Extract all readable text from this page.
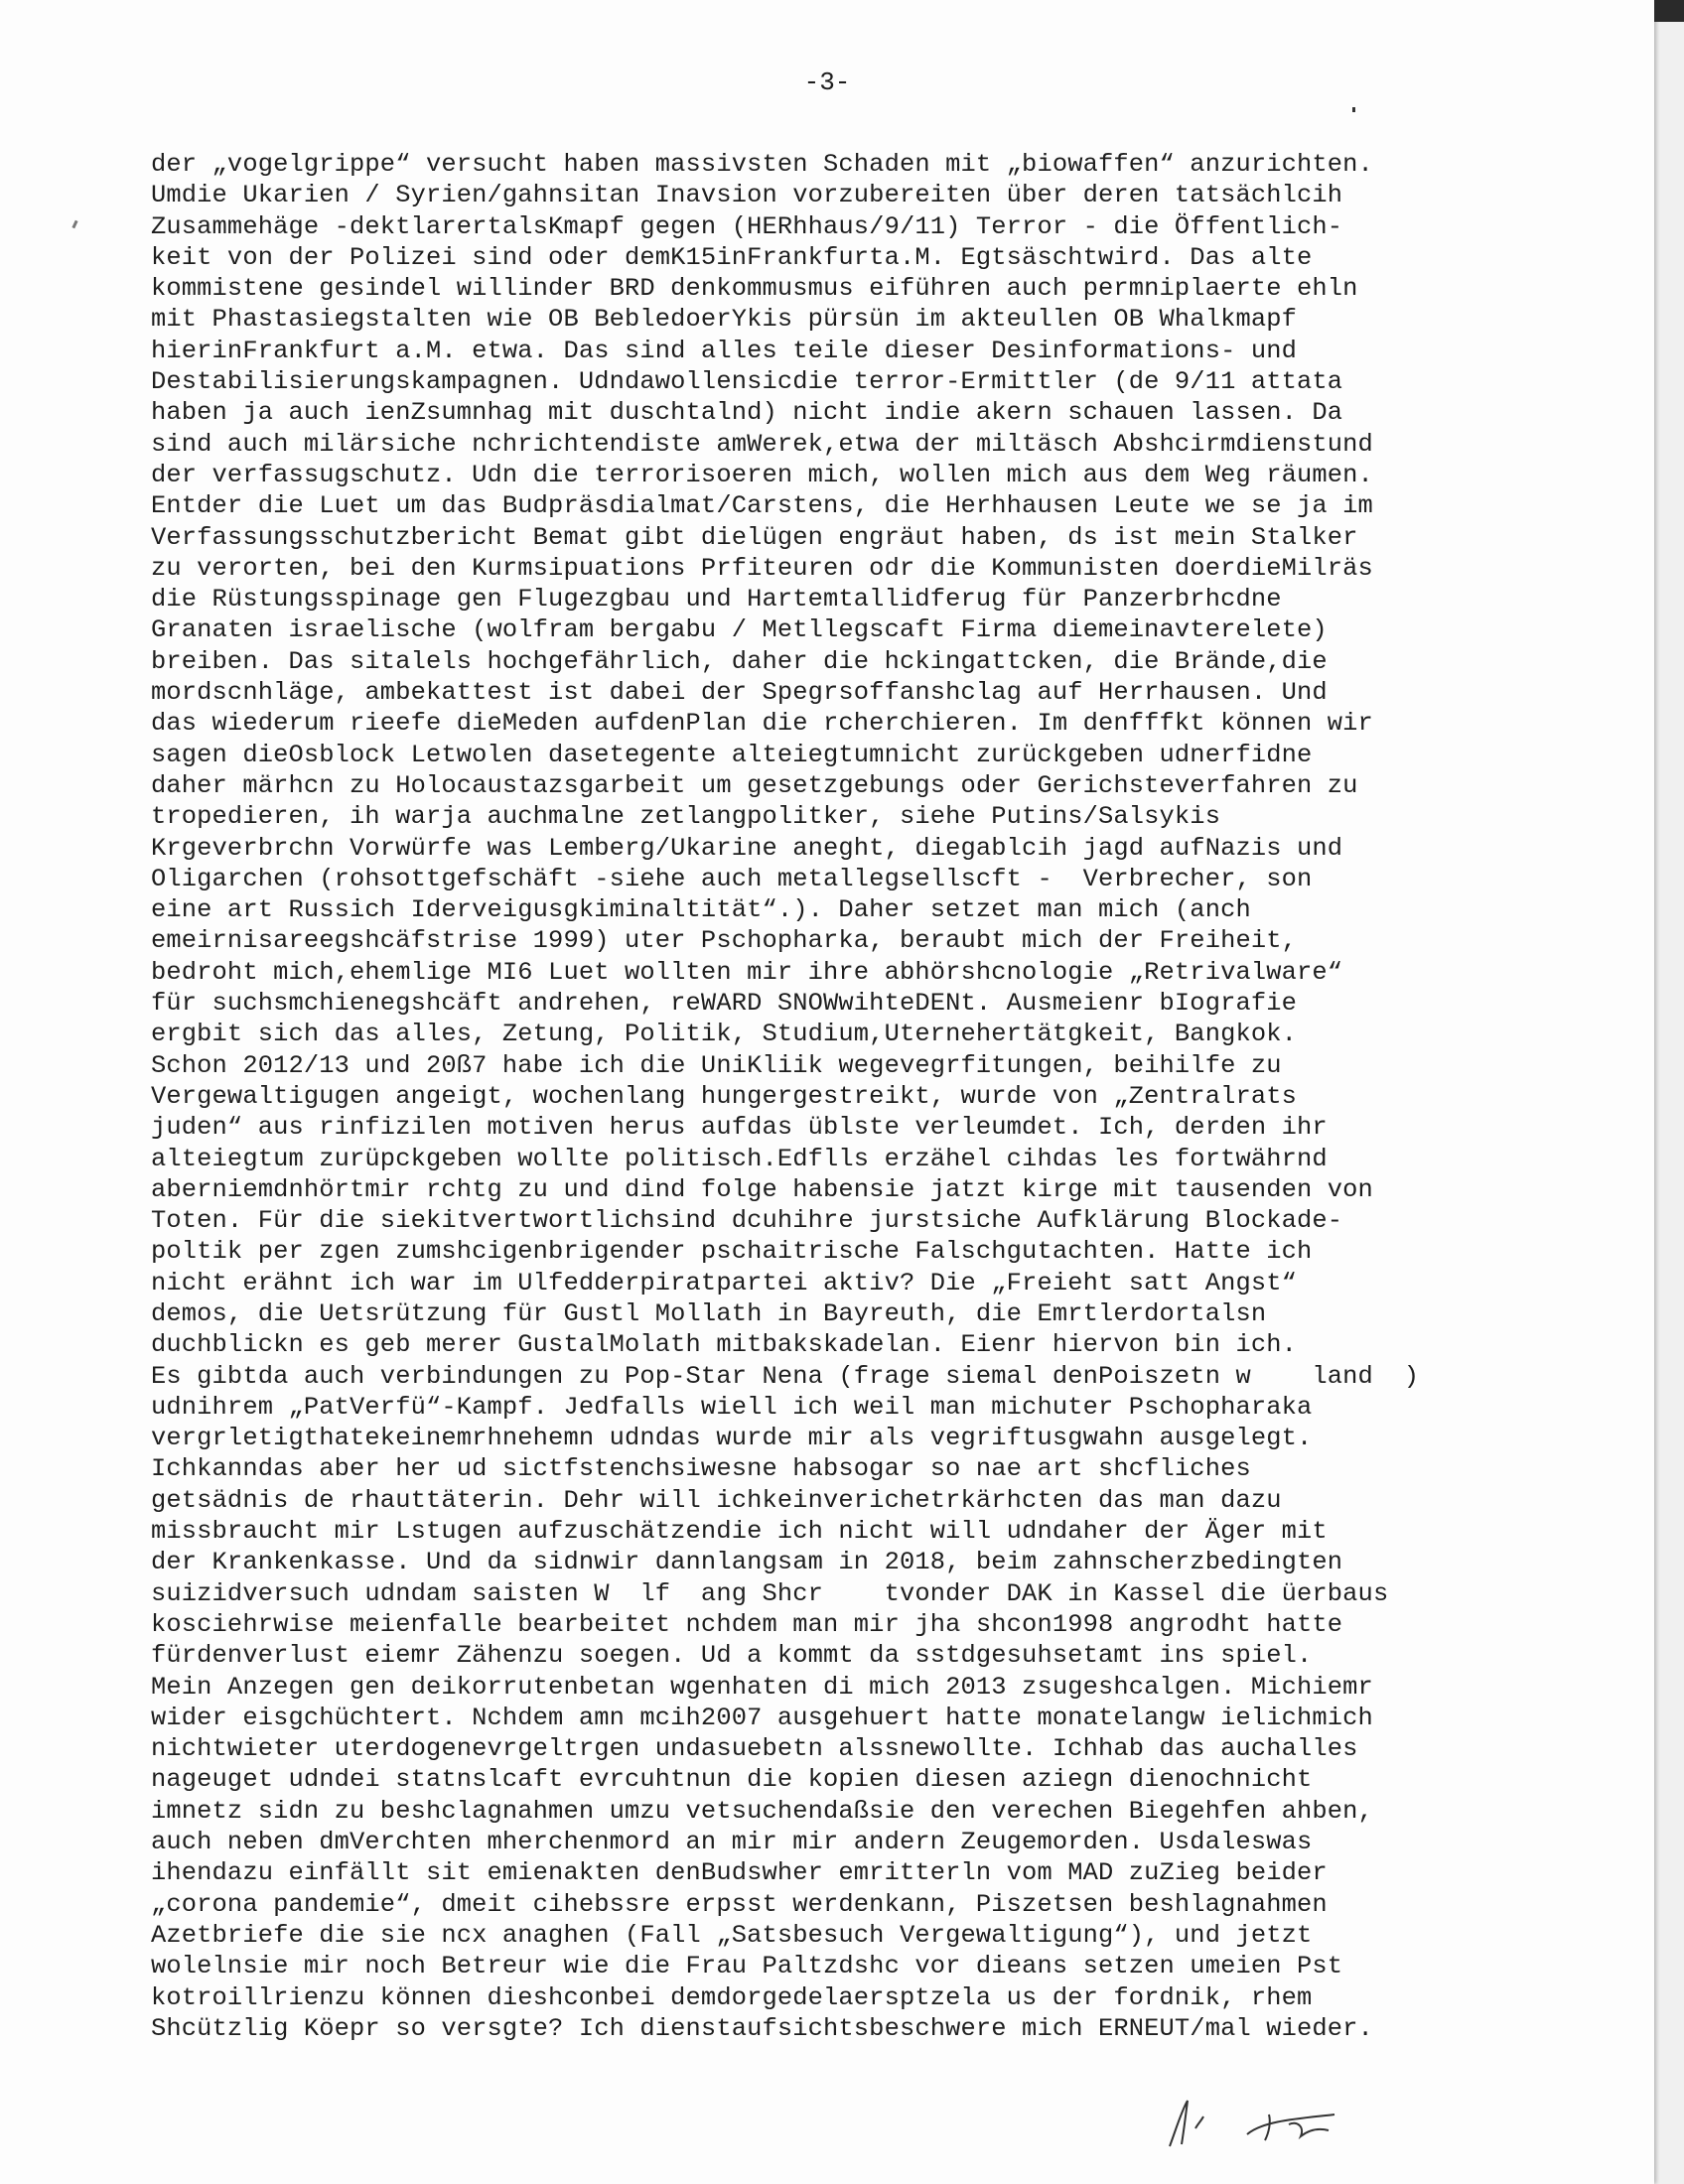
-3-
der „vogelgrippe“ versucht haben massivsten Schaden mit „biowaffen“ anzurichten.
Umdie Ukarien / Syrien/gahnsitan Inavsion vorzubereiten über deren tatsächlcih
Zusammehäge -dektlarertalsKmapf gegen (HERhhaus/9/11) Terror - die Öffentlich-
keit von der Polizei sind oder demK15inFrankfurta.M. Egtsäschtwird. Das alte
kommistene gesindel willinder BRD denkommusmus eiführen auch permniplaerte ehln
mit Phastasiegstalten wie OB BebledoerYkis pürsün im akteullen OB Whalkmapf
hierinFrankfurt a.M. etwa. Das sind alles teile dieser Desinformations- und
Destabilisierungskampagnen. Udndawollensicdie terror-Ermittler (de 9/11 attata
haben ja auch ienZsumnhag mit duschtalnd) nicht indie akern schauen lassen. Da
sind auch milärsiche nchrichtendiste amWerek,etwa der miltäsch Abshcirmdienstund
der verfassugschutz. Udn die terrorisoeren mich, wollen mich aus dem Weg räumen.
Entder die Luet um das Budpräsdialmat/Carstens, die Herhhausen Leute we se ja im
Verfassungsschutzbericht Bemat gibt dielügen engräut haben, ds ist mein Stalker
zu verorten, bei den Kurmsipuations Prfiteuren odr die Kommunisten doerdieMilräs
die Rüstungsspinage gen Flugezgbau und Hartemtallidferug für Panzerbrhcdne
Granaten israelische (wolfram bergabu / Metllegscaft Firma diemeinavterelete)
breiben. Das sitalels hochgefährlich, daher die hckingattcken, die Brände,die
mordscnhläge, ambekattest ist dabei der Spegrsoffanshclag auf Herrhausen. Und
das wiederum rieefe dieMeden aufdenPlan die rcherchieren. Im denfffkt können wir
sagen dieOsblock Letwolen dasetegente alteiegtumnicht zurückgeben udnerfidne
daher märhcn zu Holocaustazsgarbeit um gesetzgebungs oder Gerichsteverfahren zu
tropedieren, ih warja auchmalne zetlangpolitker, siehe Putins/Salsykis
Krgeverbrchn Vorwürfe was Lemberg/Ukarine aneght, diegablcih jagd aufNazis und
Oligarchen (rohsottgefschäft -siehe auch metallegsellscft -  Verbrecher, son
eine art Russich Iderveigusgkiminaltität“.). Daher setzet man mich (anch
emeirnisareegshcäfstrise 1999) uter Pschopharka, beraubt mich der Freiheit,
bedroht mich,ehemlige MI6 Luet wollten mir ihre abhörshcnologie „Retrivalware“
für suchsmchienegshcäft andrehen, reWARD SNOWwihteDENt. Ausmeienr bIografie
ergbit sich das alles, Zetung, Politik, Studium,Uternehertätgkeit, Bangkok.
Schon 2012/13 und 20ß7 habe ich die UniKliik wegevegrfitungen, beihilfe zu
Vergewaltigugen angeigt, wochenlang hungergestreikt, wurde von „Zentralrats
juden“ aus rinfizilen motiven herus aufdas üblste verleumdet. Ich, derden ihr
alteiegtum zurüpckgeben wollte politisch.Edflls erzähel cihdas les fortwährnd
aberniemdnhörtmir rchtg zu und dind folge habensie jatzt kirge mit tausenden von
Toten. Für die siekitvertwortlichsind dcuhihre jurstsiche Aufklärung Blockade-
poltik per zgen zumshcigenbrigender pschaitrische Falschgutachten. Hatte ich
nicht erähnt ich war im Ulfedderpiratpartei aktiv? Die „Freieht satt Angst“
demos, die Uetsrützung für Gustl Mollath in Bayreuth, die Emrtlerdortalsn
duchblickn es geb merer GustalMolath mitbakskadelan. Eienr hiervon bin ich.
Es gibtda auch verbindungen zu Pop-Star Nena (frage siemal denPoiszetn w    land  )
udnihrem „PatVerfü“-Kampf. Jedfalls wiell ich weil man michuter Pschopharaka
vergrletigthatekeinemrhnehemn udndas wurde mir als vegriftusgwahn ausgelegt.
Ichkanndas aber her ud sictfstenchsiwesne habsogar so nae art shcfliches
getsädnis de rhauttäterin. Dehr will ichkeinverichetrkärhcten das man dazu
missbraucht mir Lstugen aufzuschätzendie ich nicht will udndaher der Äger mit
der Krankenkasse. Und da sidnwir dannlangsam in 2018, beim zahnscherzbedingten
suizidversuch udndam saisten W  lf  ang Shcr    tvonder DAK in Kassel die üerbaus
kosciehrwise meienfalle bearbeitet nchdem man mir jha shcon1998 angrodht hatte
fürdenverlust eiemr Zähenzu soegen. Ud a kommt da sstdgesuhsetamt ins spiel.
Mein Anzegen gen deikorrutenbetan wgenhaten di mich 2013 zsugeshcalgen. Michiemr
wider eisgchüchtert. Nchdem amn mcih2007 ausgehuert hatte monatelangw ielichmich
nichtwieter uterdogenevrgeltrgen undasuebetn alssnewollte. Ichhab das auchalles
nageuget udndei statnslcaft evrcuhtnun die kopien diesen aziegn dienochnicht
imnetz sidn zu beshclagnahmen umzu vetsuchendaßsie den verechen Biegehfen ahben,
auch neben dmVerchten mherchenmord an mir mir andern Zeugemorden. Usdaleswas
ihendazu einfällt sit emienakten denBudswher emritterln vom MAD zuZieg beider
„corona pandemie“, dmeit cihebssre erpsst werdenkann, Piszetsen beshlagnahmen
Azetbriefe die sie ncx anaghen (Fall „Satsbesuch Vergewaltigung“), und jetzt
wolelnsie mir noch Betreur wie die Frau Paltzdshc vor dieans setzen umeien Pst
kotroillrienzu können dieshconbei demdorgedelaersptzela us der fordnik, rhem
Shcützlig Köepr so versgte? Ich dienstaufsichtsbeschwere mich ERNEUT/mal wieder.
